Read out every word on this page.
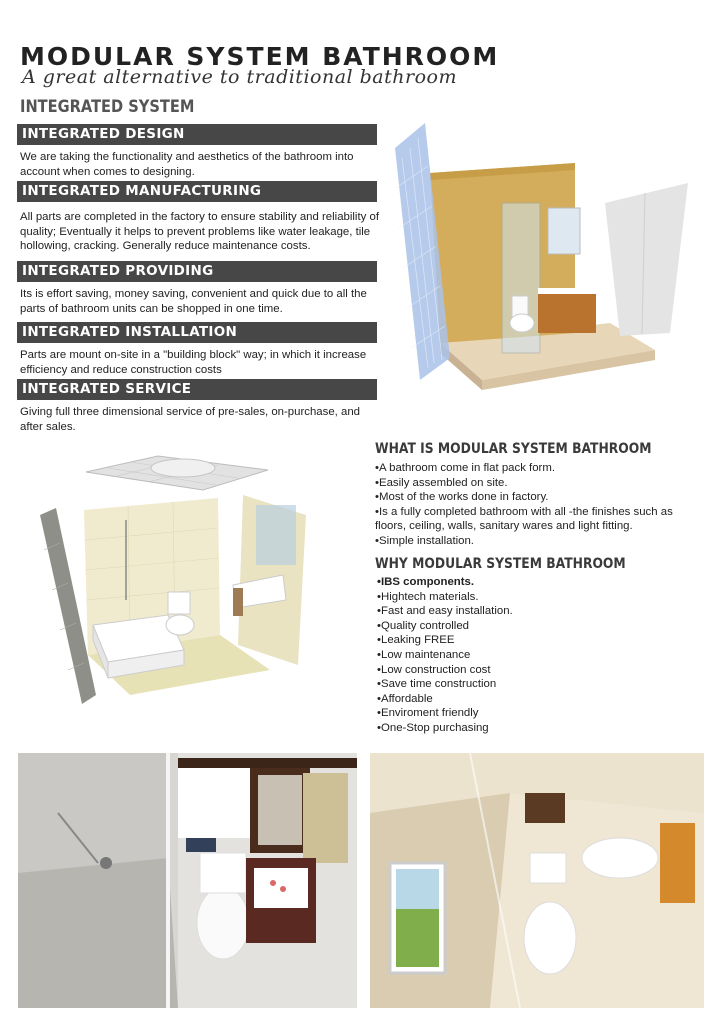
MODULAR SYSTEM BATHROOM
A great alternative to traditional bathroom
INTEGRATED SYSTEM
INTEGRATED DESIGN
We are taking the functionality and aesthetics of the bathroom into account when comes to designing.
INTEGRATED MANUFACTURING
All parts are completed in the factory to ensure stability and reliability of quality; Eventually it helps to prevent problems like water leakage, tile hollowing, cracking. Generally reduce maintenance costs.
INTEGRATED PROVIDING
Its is effort saving, money saving, convenient and quick due to all the parts of bathroom units can be shopped in one time.
INTEGRATED INSTALLATION
Parts are mount on-site in a "building block" way; in which it increase efficiency and reduce construction costs
INTEGRATED SERVICE
Giving full three dimensional service of pre-sales, on-purchase, and after sales.
WHAT IS MODULAR SYSTEM BATHROOM
• A bathroom come in flat pack form.
• Easily assembled on site.
• Most of the works done in factory.
• Is a fully completed bathroom with all -the finishes such as floors, ceiling, walls, sanitary wares and light fitting.
• Simple installation.
WHY MODULAR SYSTEM BATHROOM
• IBS components.
• Hightech materials.
• Fast and easy installation.
• Quality controlled
• Leaking FREE
• Low maintenance
• Low construction cost
• Save time construction
• Affordable
• Enviroment friendly
• One-Stop purchasing
